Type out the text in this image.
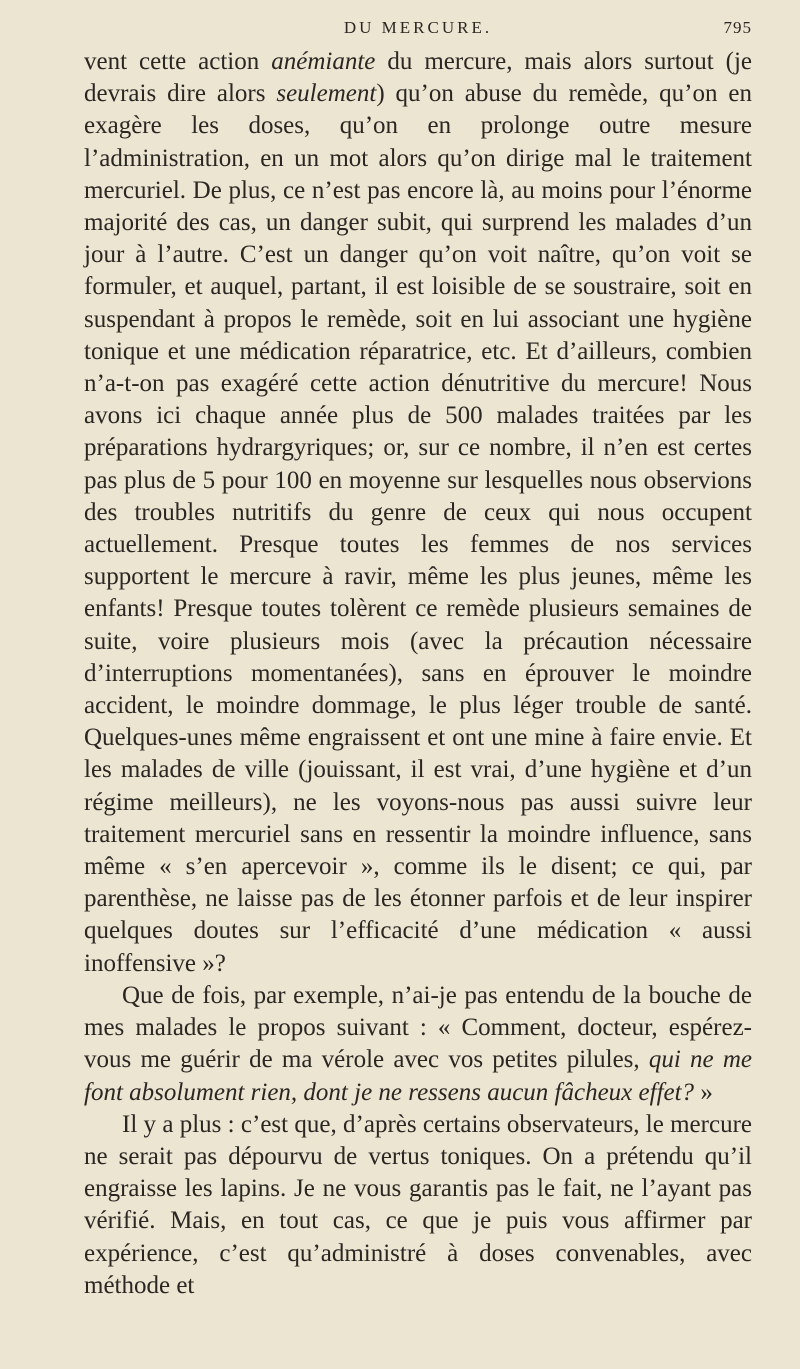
DU MERCURE.	795

vent cette action anémiante du mercure, mais alors surtout (je devrais dire alors seulement) qu’on abuse du remède, qu’on en exagère les doses, qu’on en prolonge outre mesure l’administration, en un mot alors qu’on dirige mal le traitement mercuriel. De plus, ce n’est pas encore là, au moins pour l’énorme majorité des cas, un danger subit, qui surprend les malades d’un jour à l’autre. C’est un danger qu’on voit naître, qu’on voit se formuler, et auquel, partant, il est loisible de se soustraire, soit en suspendant à propos le remède, soit en lui associant une hygiène tonique et une médication réparatrice, etc. Et d’ailleurs, combien n’a-t-on pas exagéré cette action dénutritive du mercure! Nous avons ici chaque année plus de 500 malades traitées par les préparations hydrargyriques; or, sur ce nombre, il n’en est certes pas plus de 5 pour 100 en moyenne sur lesquelles nous observions des troubles nutritifs du genre de ceux qui nous occupent actuellement. Presque toutes les femmes de nos services supportent le mercure à ravir, même les plus jeunes, même les enfants! Presque toutes tolèrent ce remède plusieurs semaines de suite, voire plusieurs mois (avec la précaution nécessaire d’interruptions momentanées), sans en éprouver le moindre accident, le moindre dommage, le plus léger trouble de santé. Quelques-unes même engraissent et ont une mine à faire envie. Et les malades de ville (jouissant, il est vrai, d’une hygiène et d’un régime meilleurs), ne les voyons-nous pas aussi suivre leur traitement mercuriel sans en ressentir la moindre influence, sans même « s’en apercevoir », comme ils le disent; ce qui, par parenthèse, ne laisse pas de les étonner parfois et de leur inspirer quelques doutes sur l’efficacité d’une médication « aussi inoffensive »?

Que de fois, par exemple, n’ai-je pas entendu de la bouche de mes malades le propos suivant : « Comment, docteur, espérez-vous me guérir de ma vérole avec vos petites pilules, qui ne me font absolument rien, dont je ne ressens aucun fâcheux effet? »

Il y a plus : c’est que, d’après certains observateurs, le mercure ne serait pas dépourvu de vertus toniques. On a prétendu qu’il engraisse les lapins. Je ne vous garantis pas le fait, ne l’ayant pas vérifié. Mais, en tout cas, ce que je puis vous affirmer par expérience, c’est qu’administré à doses convenables, avec méthode et
